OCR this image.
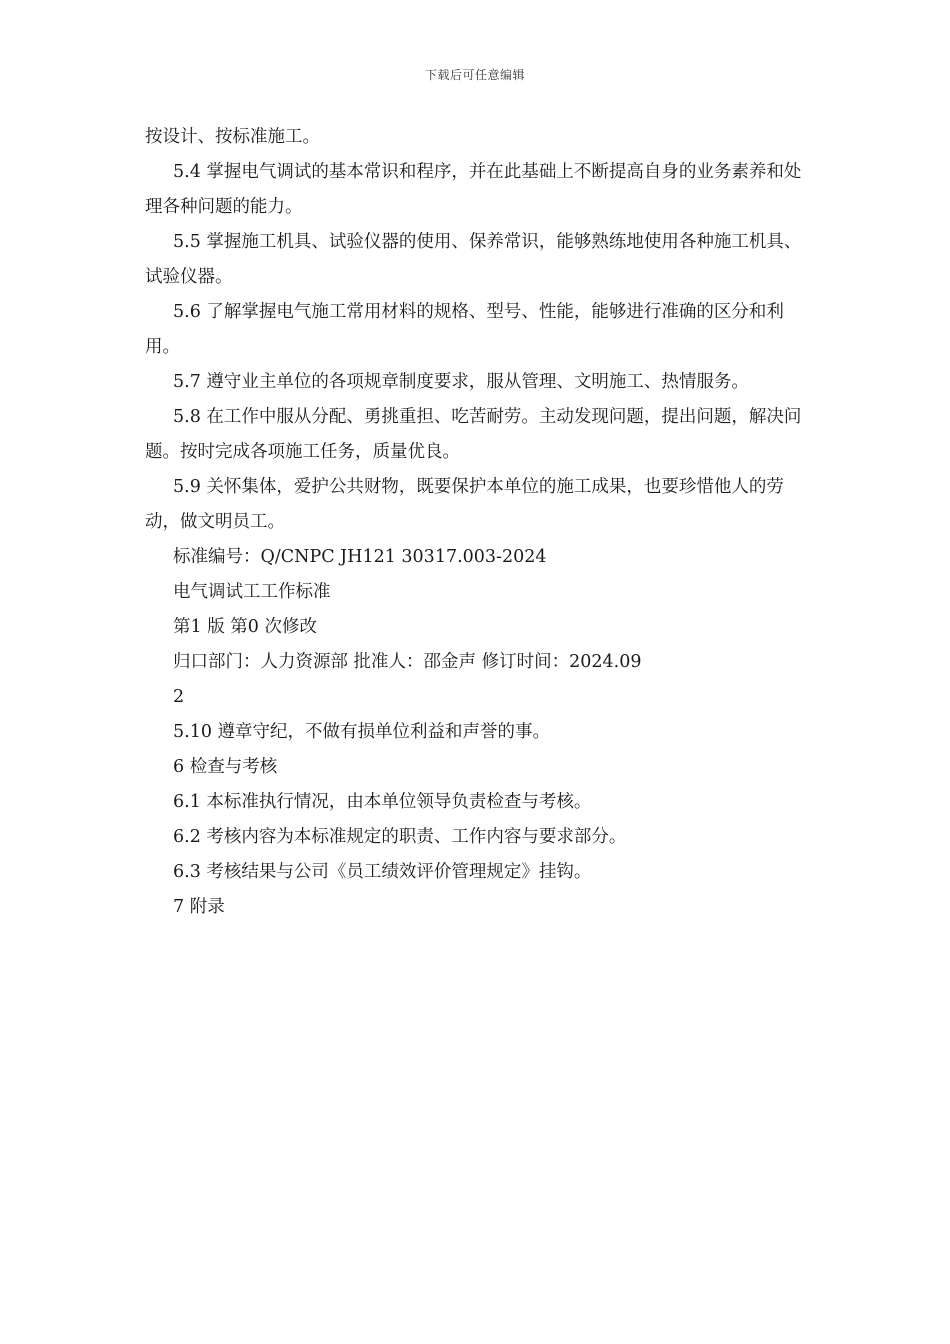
下载后可任意编辑

按设计、按标准施工。

5.4 掌握电气调试的基本常识和程序，并在此基础上不断提高自身的业务素养和处理各种问题的能力。

5.5 掌握施工机具、试验仪器的使用、保养常识，能够熟练地使用各种施工机具、试验仪器。

5.6 了解掌握电气施工常用材料的规格、型号、性能，能够进行准确的区分和利用。

5.7 遵守业主单位的各项规章制度要求，服从管理、文明施工、热情服务。

5.8 在工作中服从分配、勇挑重担、吃苦耐劳。主动发现问题，提出问题，解决问题。按时完成各项施工任务，质量优良。

5.9 关怀集体，爱护公共财物，既要保护本单位的施工成果，也要珍惜他人的劳动，做文明员工。

标准编号：Q/CNPC JH121 30317.003-2024

电气调试工工作标准

第1 版 第0 次修改

归口部门：人力资源部 批准人：邵金声 修订时间：2024.09

2

5.10 遵章守纪，不做有损单位利益和声誉的事。

6 检查与考核

6.1 本标准执行情况，由本单位领导负责检查与考核。

6.2 考核内容为本标准规定的职责、工作内容与要求部分。

6.3 考核结果与公司《员工绩效评价管理规定》挂钩。

7 附录
